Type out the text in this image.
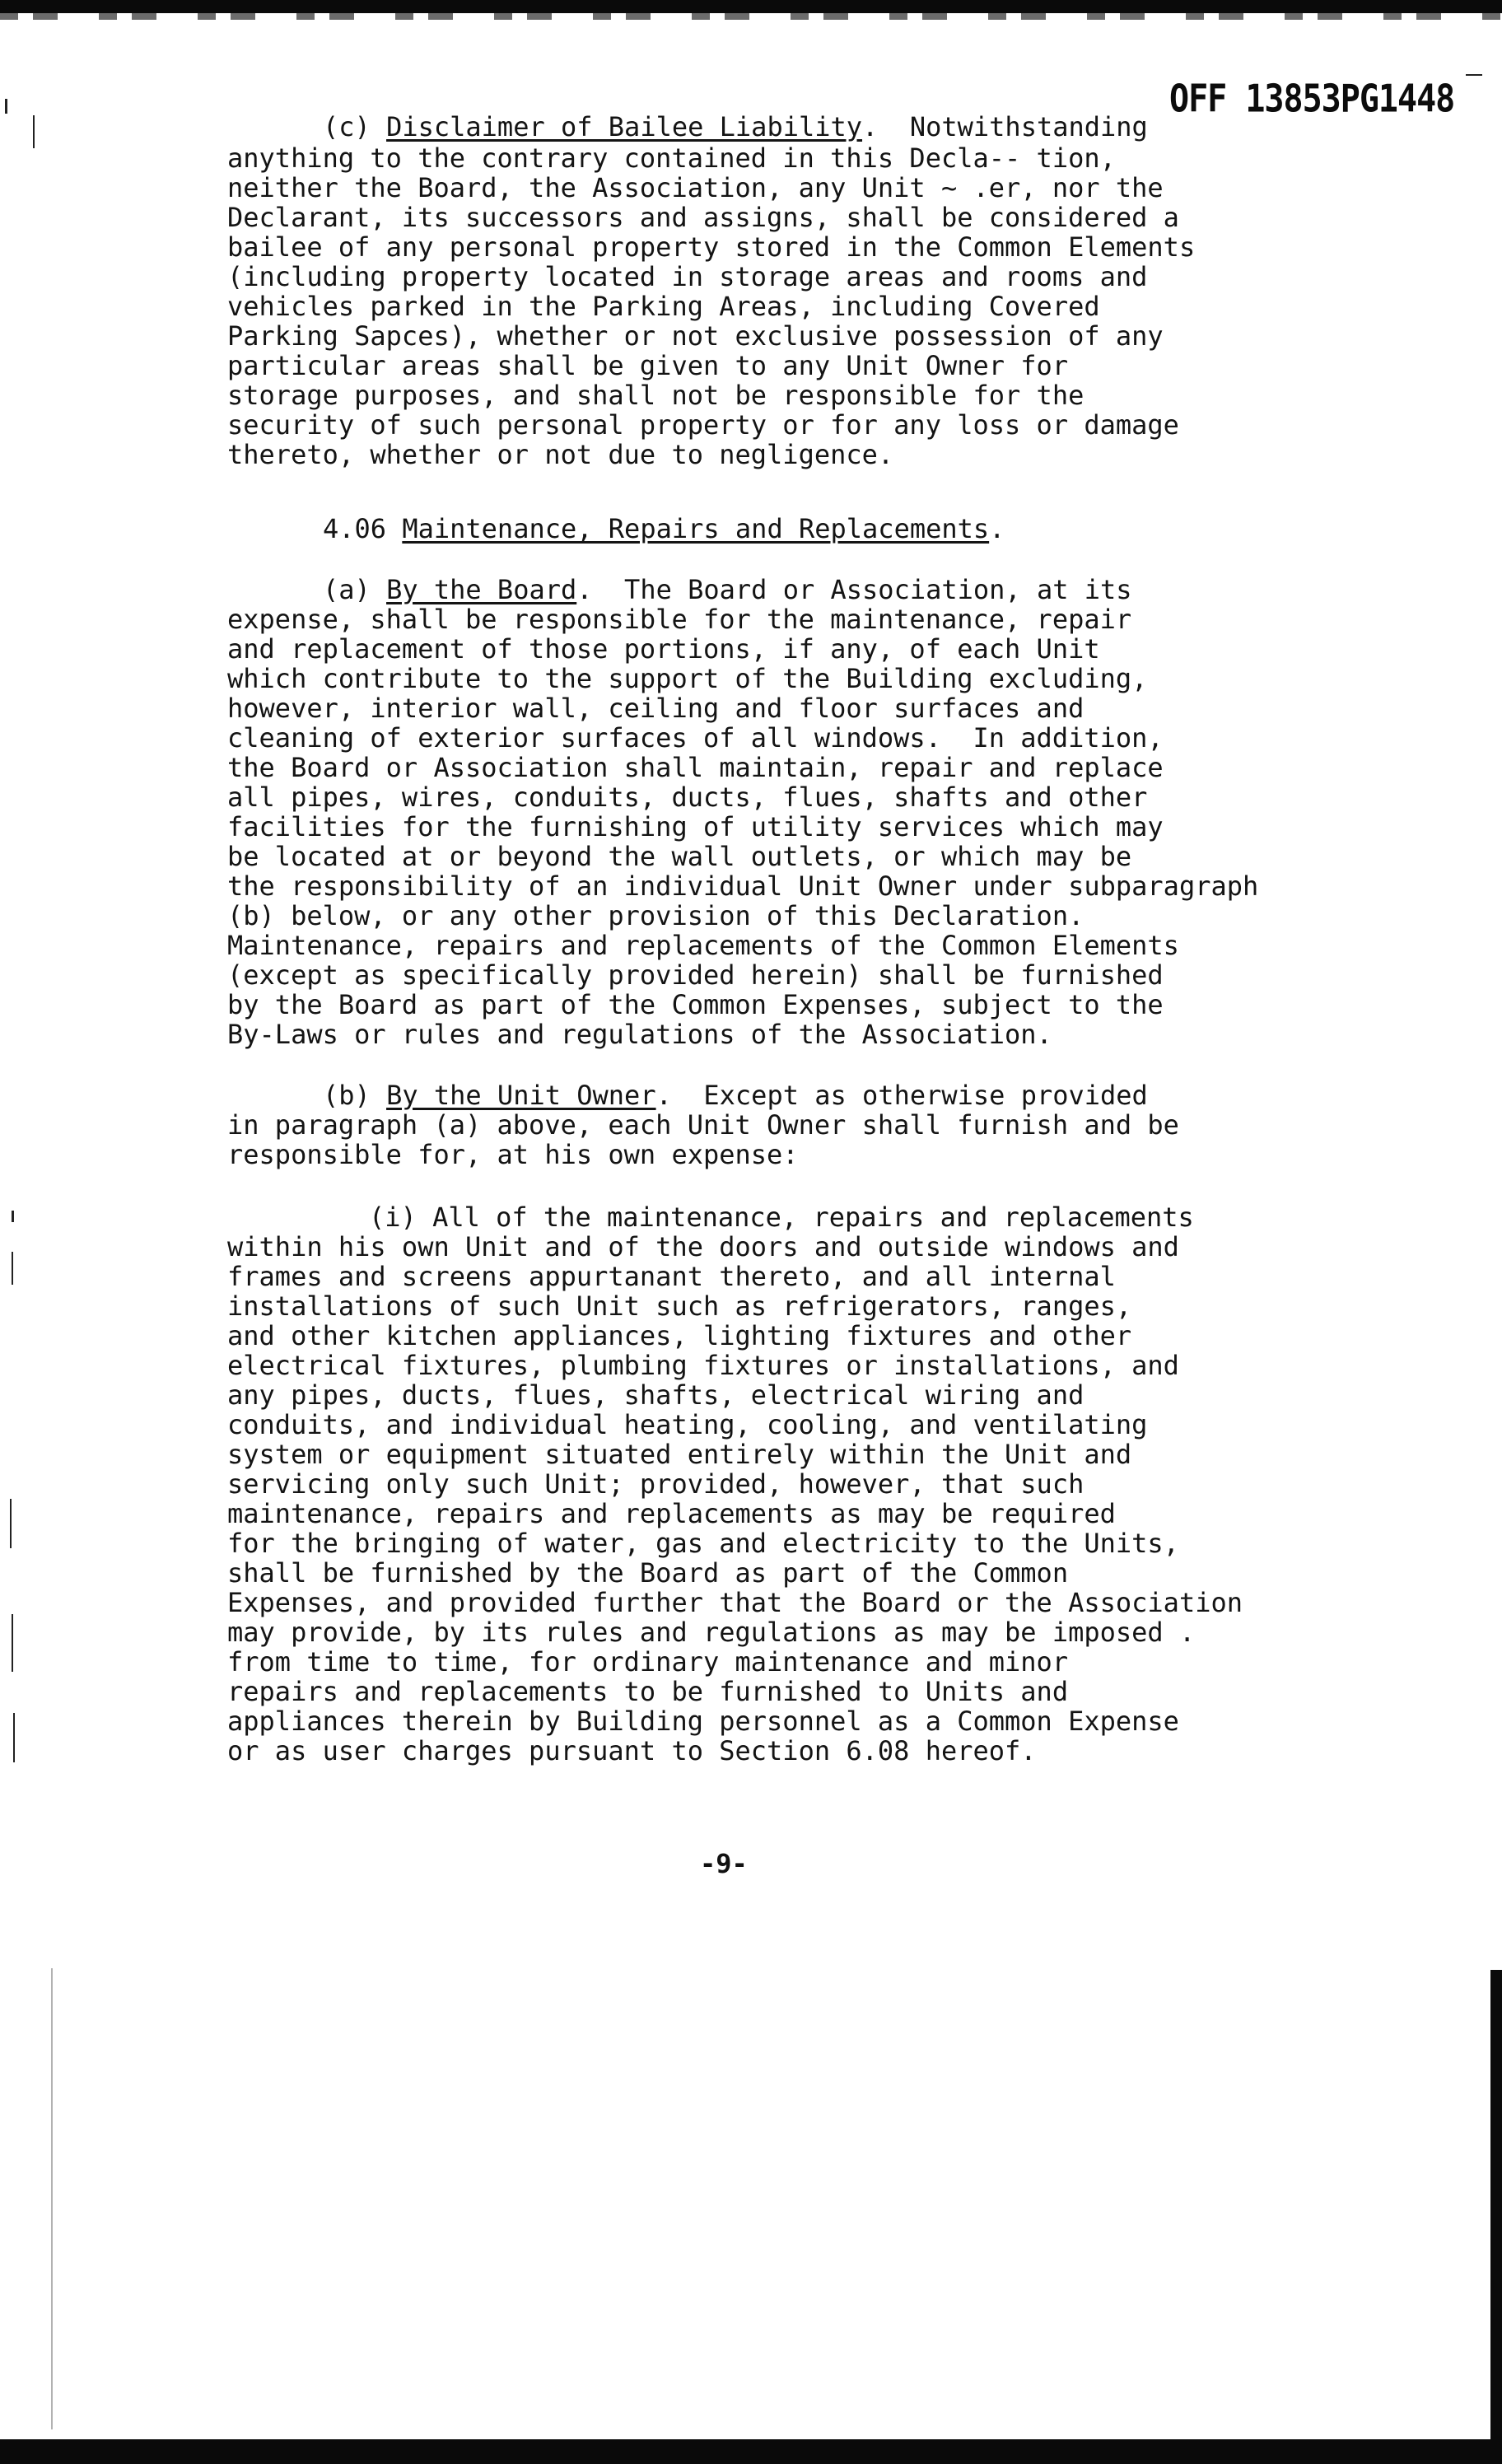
OFF 13853PG1448
(c) Disclaimer of Bailee Liability.  Notwithstanding
anything to the contrary contained in this Decla-- tion,
neither the Board, the Association, any Unit ~ .er, nor the
Declarant, its successors and assigns, shall be considered a
bailee of any personal property stored in the Common Elements
(including property located in storage areas and rooms and
vehicles parked in the Parking Areas, including Covered
Parking Sapces), whether or not exclusive possession of any
particular areas shall be given to any Unit Owner for
storage purposes, and shall not be responsible for the
security of such personal property or for any loss or damage
thereto, whether or not due to negligence.
4.06 Maintenance, Repairs and Replacements.
(a) By the Board.  The Board or Association, at its
expense, shall be responsible for the maintenance, repair
and replacement of those portions, if any, of each Unit
which contribute to the support of the Building excluding,
however, interior wall, ceiling and floor surfaces and
cleaning of exterior surfaces of all windows.  In addition,
the Board or Association shall maintain, repair and replace
all pipes, wires, conduits, ducts, flues, shafts and other
facilities for the furnishing of utility services which may
be located at or beyond the wall outlets, or which may be
the responsibility of an individual Unit Owner under subparagraph
(b) below, or any other provision of this Declaration.
Maintenance, repairs and replacements of the Common Elements
(except as specifically provided herein) shall be furnished
by the Board as part of the Common Expenses, subject to the
By-Laws or rules and regulations of the Association.
(b) By the Unit Owner.  Except as otherwise provided
in paragraph (a) above, each Unit Owner shall furnish and be
responsible for, at his own expense:
(i) All of the maintenance, repairs and replacements
within his own Unit and of the doors and outside windows and
frames and screens appurtanant thereto, and all internal
installations of such Unit such as refrigerators, ranges,
and other kitchen appliances, lighting fixtures and other
electrical fixtures, plumbing fixtures or installations, and
any pipes, ducts, flues, shafts, electrical wiring and
conduits, and individual heating, cooling, and ventilating
system or equipment situated entirely within the Unit and
servicing only such Unit; provided, however, that such
maintenance, repairs and replacements as may be required
for the bringing of water, gas and electricity to the Units,
shall be furnished by the Board as part of the Common
Expenses, and provided further that the Board or the Association
may provide, by its rules and regulations as may be imposed .
from time to time, for ordinary maintenance and minor
repairs and replacements to be furnished to Units and
appliances therein by Building personnel as a Common Expense
or as user charges pursuant to Section 6.08 hereof.
-9-
